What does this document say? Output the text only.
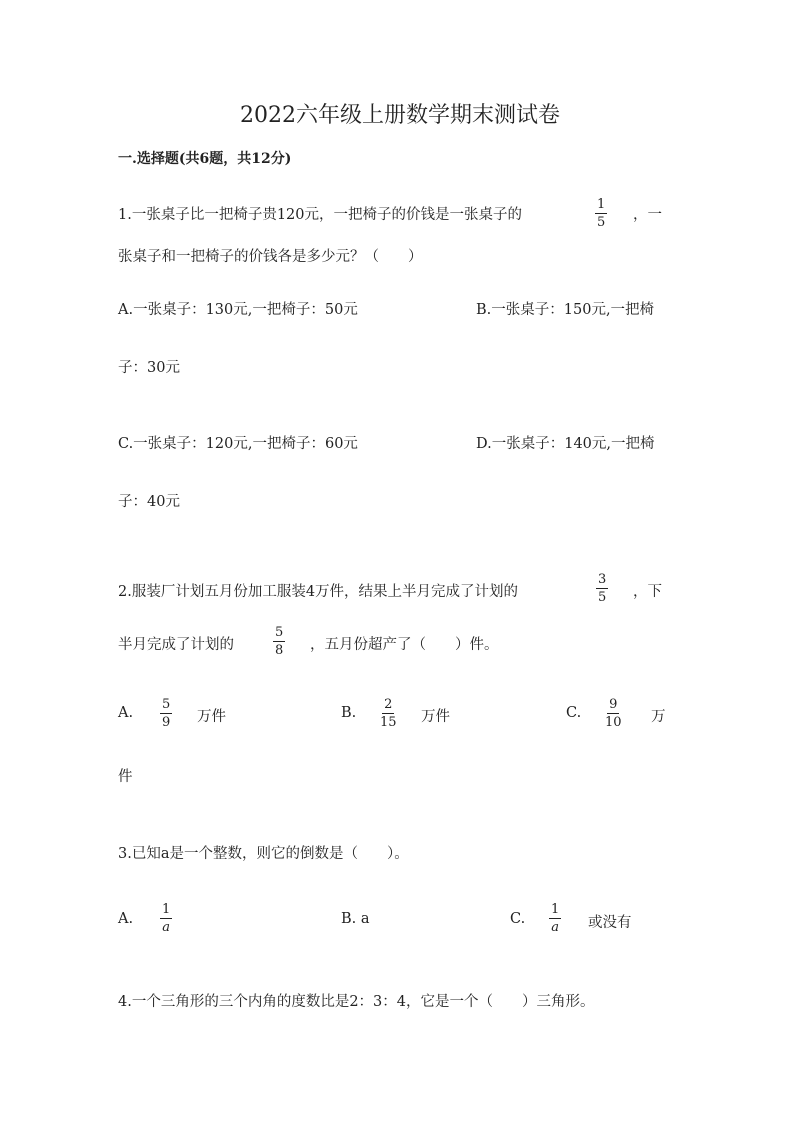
2022六年级上册数学期末测试卷
一.选择题(共6题，共12分)
1.一张桌子比一把椅子贵120元，一把椅子的价钱是一张桌子的	$\frac{1}{5}$ ，一
张桌子和一把椅子的价钱各是多少元？（　　）
A.一张桌子：130元,一把椅子：50元	B.一张桌子：150元,一把椅
子：30元
C.一张桌子：120元,一把椅子：60元	D.一张桌子：140元,一把椅
子：40元
2.服装厂计划五月份加工服装4万件，结果上半月完成了计划的	$\frac{3}{5}$ ，下
半月完成了计划的	$\frac{5}{8}$ ，五月份超产了（　　）件。
A. $\frac{5}{9}$ 万件	B. $\frac{2}{15}$ 万件	C. $\frac{9}{10}$ 万
件
3.已知a是一个整数，则它的倒数是（　　）。
A. $\frac{1}{a}$	B. a	C. $\frac{1}{a}$ 或没有
4.一个三角形的三个内角的度数比是2：3：4，它是一个（　　）三角形。
